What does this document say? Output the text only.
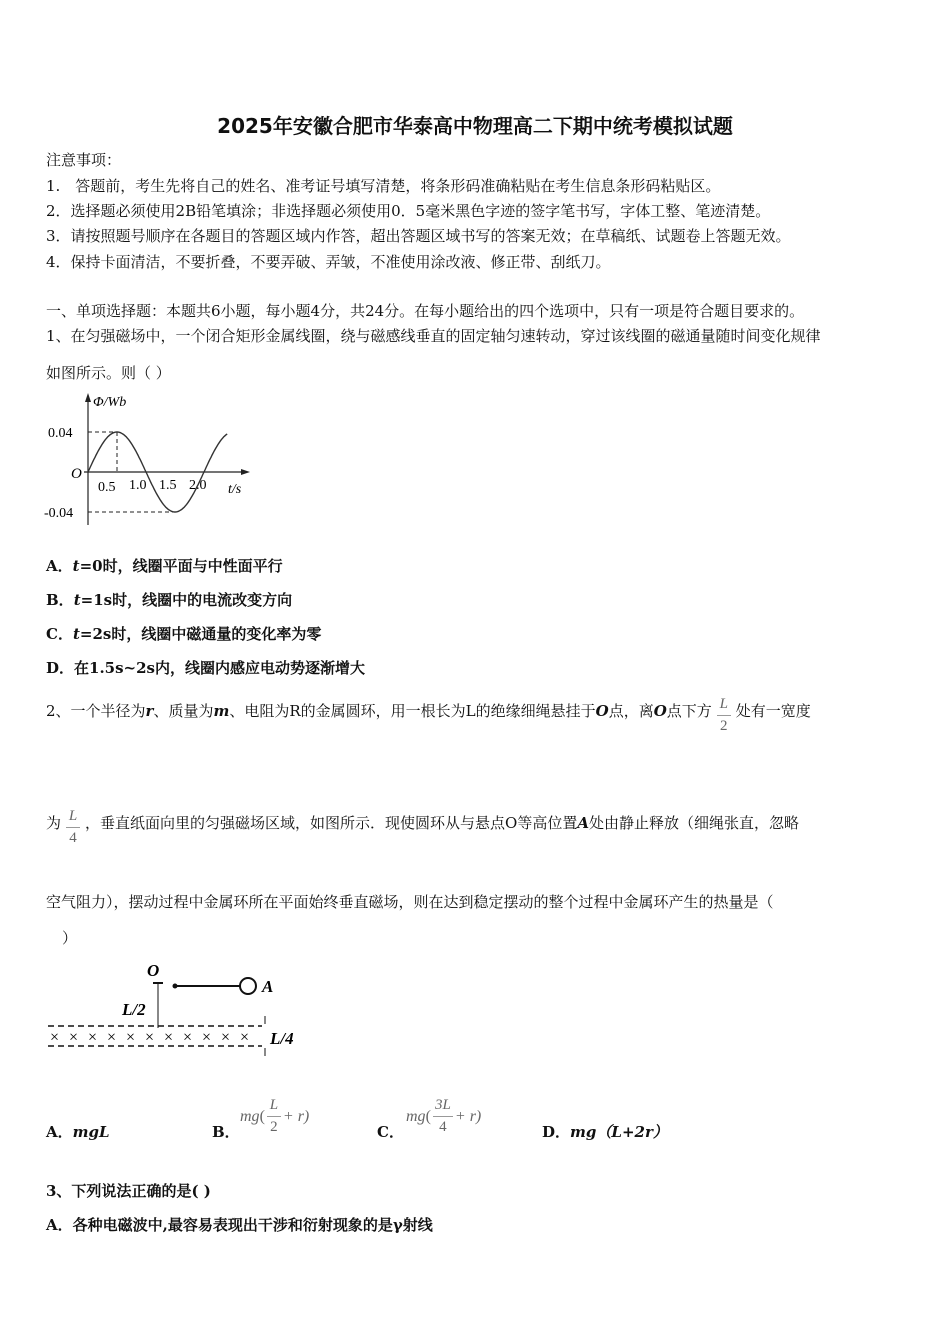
2025年安徽合肥市华泰高中物理高二下期中统考模拟试题
注意事项：
1.　答题前，考生先将自己的姓名、准考证号填写清楚，将条形码准确粘贴在考生信息条形码粘贴区。
2．选择题必须使用2B铅笔填涂；非选择题必须使用0．5毫米黑色字迹的签字笔书写，字体工整、笔迹清楚。
3．请按照题号顺序在各题目的答题区域内作答，超出答题区域书写的答案无效；在草稿纸、试题卷上答题无效。
4．保持卡面清洁，不要折叠，不要弄破、弄皱，不准使用涂改液、修正带、刮纸刀。
一、单项选择题：本题共6小题，每小题4分，共24分。在每小题给出的四个选项中，只有一项是符合题目要求的。
1、在匀强磁场中，一个闭合矩形金属线圈，绕与磁感线垂直的固定轴匀速转动，穿过该线圈的磁通量随时间变化规律
如图所示。则（ ）
Φ/Wb
0.04
O
-0.04
0.5 1.0 1.5 2.0 t/s
A．t=0时，线圈平面与中性面平行
B．t=1s时，线圈中的电流改变方向
C．t=2s时，线圈中磁通量的变化率为零
D．在1.5s~2s内，线圈内感应电动势逐渐增大
2、一个半径为r、质量为m、电阻为R的金属圆环，用一根长为L的绝缘细绳悬挂于O点，离O点下方 $\frac{L}{2}$ 处有一宽度
为 $\frac{L}{4}$ ，垂直纸面向里的匀强磁场区域，如图所示．现使圆环从与悬点O等高位置A处由静止释放（细绳张直，忽略
空气阻力），摆动过程中金属环所在平面始终垂直磁场，则在达到稳定摆动的整个过程中金属环产生的热量是（
）
O
A
L/2
× × × × × × × × × × × L/4
A．mgL	B．
mg ( $\frac{L}{2} + r$)
C．
mg ( $\frac{3L}{4} + r$)
D．mg（L+2r）
3、下列说法正确的是( )
A．各种电磁波中,最容易表现出干涉和衍射现象的是γ射线
